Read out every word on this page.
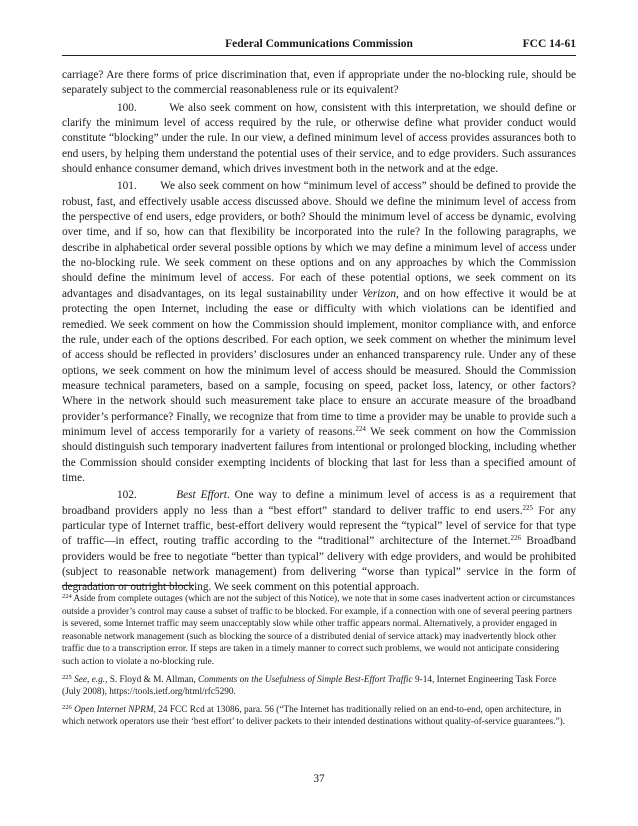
Federal Communications Commission	FCC 14-61

carriage? Are there forms of price discrimination that, even if appropriate under the no-blocking rule, should be separately subject to the commercial reasonableness rule or its equivalent?

100.	We also seek comment on how, consistent with this interpretation, we should define or clarify the minimum level of access required by the rule, or otherwise define what provider conduct would constitute “blocking” under the rule. In our view, a defined minimum level of access provides assurances both to end users, by helping them understand the potential uses of their service, and to edge providers. Such assurances should enhance consumer demand, which drives investment both in the network and at the edge.

101. We also seek comment on how “minimum level of access” should be defined to provide the robust, fast, and effectively usable access discussed above. Should we define the minimum level of access from the perspective of end users, edge providers, or both? Should the minimum level of access be dynamic, evolving over time, and if so, how can that flexibility be incorporated into the rule? In the following paragraphs, we describe in alphabetical order several possible options by which we may define a minimum level of access under the no-blocking rule. We seek comment on these options and on any approaches by which the Commission should define the minimum level of access. For each of these potential options, we seek comment on its advantages and disadvantages, on its legal sustainability under Verizon, and on how effective it would be at protecting the open Internet, including the ease or difficulty with which violations can be identified and remedied. We seek comment on how the Commission should implement, monitor compliance with, and enforce the rule, under each of the options described. For each option, we seek comment on whether the minimum level of access should be reflected in providers’ disclosures under an enhanced transparency rule. Under any of these options, we seek comment on how the minimum level of access should be measured. Should the Commission measure technical parameters, based on a sample, focusing on speed, packet loss, latency, or other factors? Where in the network should such measurement take place to ensure an accurate measure of the broadband provider’s performance? Finally, we recognize that from time to time a provider may be unable to provide such a minimum level of access temporarily for a variety of reasons.$^{224}$ We seek comment on how the Commission should distinguish such temporary inadvertent failures from intentional or prolonged blocking, including whether the Commission should consider exempting incidents of blocking that last for less than a specified amount of time.

102.	Best Effort. One way to define a minimum level of access is as a requirement that broadband providers apply no less than a “best effort” standard to deliver traffic to end users.$^{225}$ For any particular type of Internet traffic, best-effort delivery would represent the “typical” level of service for that type of traffic—in effect, routing traffic according to the “traditional” architecture of the Internet.$^{226}$ Broadband providers would be free to negotiate “better than typical” delivery with edge providers, and would be prohibited (subject to reasonable network management) from delivering “worse than typical” service in the form of degradation or outright blocking. We seek comment on this potential approach.

$^{224}$ Aside from complete outages (which are not the subject of this Notice), we note that in some cases inadvertent action or circumstances outside a provider’s control may cause a subset of traffic to be blocked. For example, if a connection with one of several peering partners is severed, some Internet traffic may seem unacceptably slow while other traffic appears normal. Alternatively, a provider engaged in reasonable network management (such as blocking the source of a distributed denial of service attack) may inadvertently block other traffic due to a transcription error. If steps are taken in a timely manner to correct such problems, we would not anticipate considering such action to violate a no-blocking rule.

$^{225}$ See, e.g., S. Floyd & M. Allman, Comments on the Usefulness of Simple Best-Effort Traffic 9-14, Internet Engineering Task Force (July 2008), https://tools.ietf.org/html/rfc5290.

$^{226}$ Open Internet NPRM, 24 FCC Rcd at 13086, para. 56 (“The Internet has traditionally relied on an end-to-end, open architecture, in which network operators use their ‘best effort’ to deliver packets to their intended destinations without quality-of-service guarantees.”).

37
